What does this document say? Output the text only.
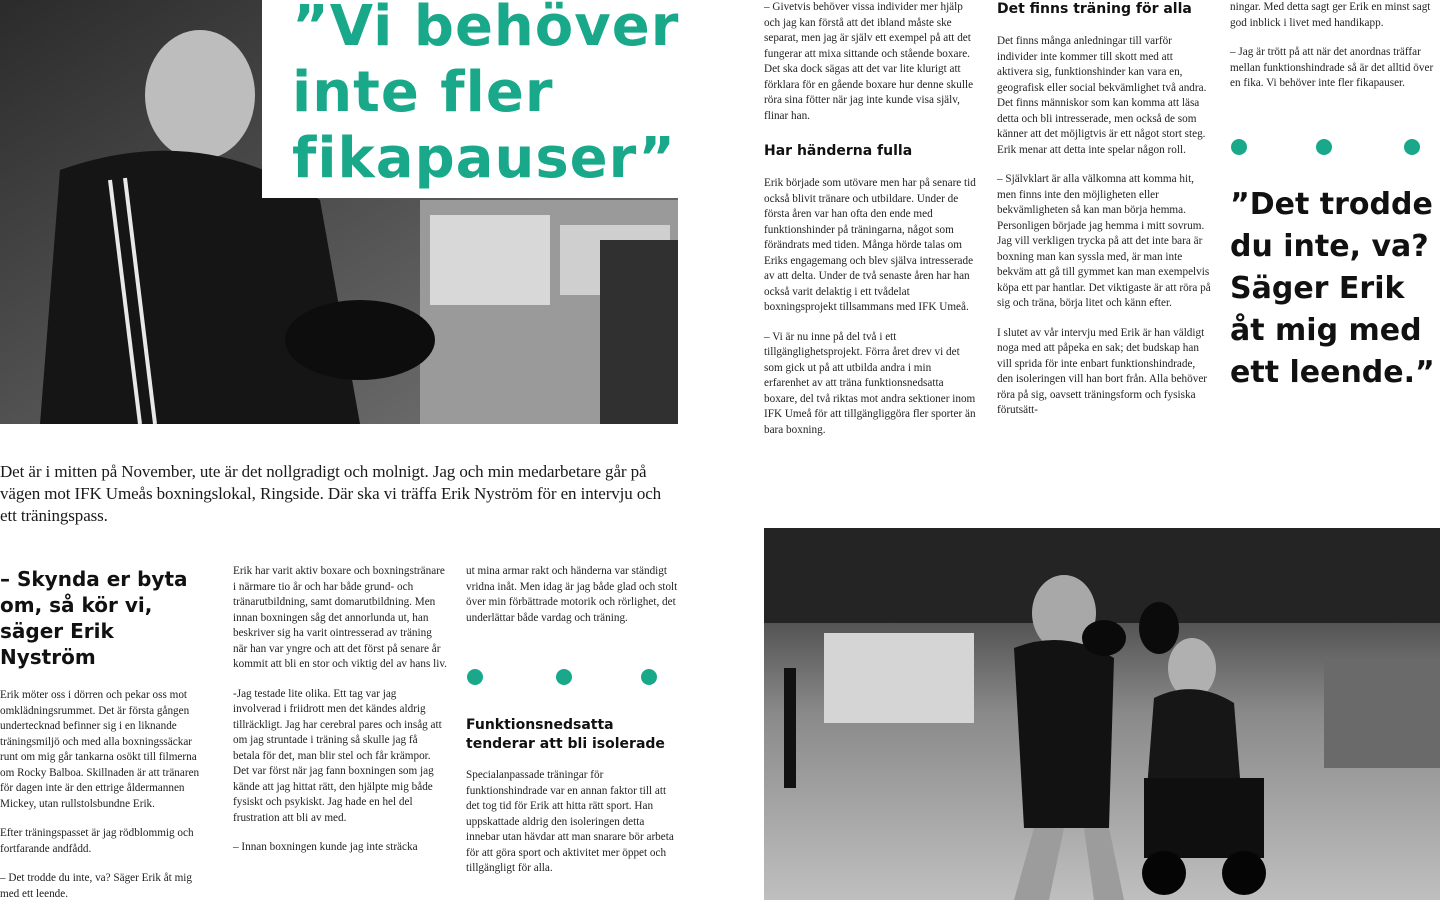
”Vi behöver

inte fler

fikapauser”

Det är i mitten på November, ute är det nollgradigt och molnigt. Jag och min medarbetare går på vägen mot IFK Umeås boxningslokal, Ringside. Där ska vi träffa Erik Nyström för en intervju och ett träningspass.

– Skynda er byta om, så kör vi, säger Erik Nyström

Erik möter oss i dörren och pekar oss mot omklädningsrummet. Det är första gången undertecknad befinner sig i en liknande träningsmiljö och med alla boxningssäckar runt om mig går tankarna osökt till filmerna om Rocky Balboa. Skillnaden är att tränaren för dagen inte är den ettrige åldermannen Mickey, utan rullstolsbundne Erik.

Efter träningspasset är jag rödblommig och fortfarande andfådd.

– Det trodde du inte, va? Säger Erik åt mig med ett leende.

Erik har varit aktiv boxare och boxningstränare i närmare tio år och har både grund- och tränarutbildning, samt domarutbildning. Men innan boxningen såg det annorlunda ut, han beskriver sig ha varit ointresserad av träning när han var yngre och att det först på senare år kommit att bli en stor och viktig del av hans liv.

-Jag testade lite olika. Ett tag var jag involverad i friidrott men det kändes aldrig tillräckligt. Jag har cerebral pares och insåg att om jag struntade i träning så skulle jag få betala för det, man blir stel och får krämpor. Det var först när jag fann boxningen som jag kände att jag hittat rätt, den hjälpte mig både fysiskt och psykiskt. Jag hade en hel del frustration att bli av med.

– Innan boxningen kunde jag inte sträcka

ut mina armar rakt och händerna var ständigt vridna inåt. Men idag är jag både glad och stolt över min förbättrade motorik och rörlighet, det underlättar både vardag och träning.

Funktionsnedsatta tenderar att bli isolerade

Specialanpassade träningar för funktionshindrade var en annan faktor till att det tog tid för Erik att hitta rätt sport. Han uppskattade aldrig den isoleringen detta innebar utan hävdar att man snarare bör arbeta för att göra sport och aktivitet mer öppet och tillgängligt för alla.

– Givetvis behöver vissa individer mer hjälp och jag kan förstå att det ibland måste ske separat, men jag är själv ett exempel på att det fungerar att mixa sittande och stående boxare. Det ska dock sägas att det var lite klurigt att förklara för en gående boxare hur denne skulle röra sina fötter när jag inte kunde visa själv, flinar han.

Har händerna fulla

Erik började som utövare men har på senare tid också blivit tränare och utbildare. Under de första åren var han ofta den ende med funktionshinder på träningarna, något som förändrats med tiden. Många hörde talas om Eriks engagemang och blev själva intresserade av att delta. Under de två senaste åren har han också varit delaktig i ett tvådelat boxningsprojekt tillsammans med IFK Umeå.

– Vi är nu inne på del två i ett tillgänglighetsprojekt. Förra året drev vi det som gick ut på att utbilda andra i min erfarenhet av att träna funktionsnedsatta boxare, del två riktas mot andra sektioner inom IFK Umeå för att tillgängliggöra fler sporter än bara boxning.

Det finns träning för alla

Det finns många anledningar till varför individer inte kommer till skott med att aktivera sig, funktionshinder kan vara en, geografisk eller social bekvämlighet två andra. Det finns människor som kan komma att läsa detta och bli intresserade, men också de som känner att det möjligtvis är ett något stort steg. Erik menar att detta inte spelar någon roll.

– Självklart är alla välkomna att komma hit, men finns inte den möjligheten eller bekvämligheten så kan man börja hemma. Personligen började jag hemma i mitt sovrum. Jag vill verkligen trycka på att det inte bara är boxning man kan syssla med, är man inte bekväm att gå till gymmet kan man exempelvis köpa ett par hantlar. Det viktigaste är att röra på sig och träna, börja litet och känn efter.

I slutet av vår intervju med Erik är han väldigt noga med att påpeka en sak; det budskap han vill sprida för inte enbart funktionshindrade, den isoleringen vill han bort från. Alla behöver röra på sig, oavsett träningsform och fysiska förutsätt-

ningar. Med detta sagt ger Erik en minst sagt god inblick i livet med handikapp.

– Jag är trött på att när det anordnas träffar mellan funktionshindrade så är det alltid över en fika. Vi behöver inte fler fikapauser.

”Det trodde du inte, va? Säger Erik åt mig med ett leende.”
